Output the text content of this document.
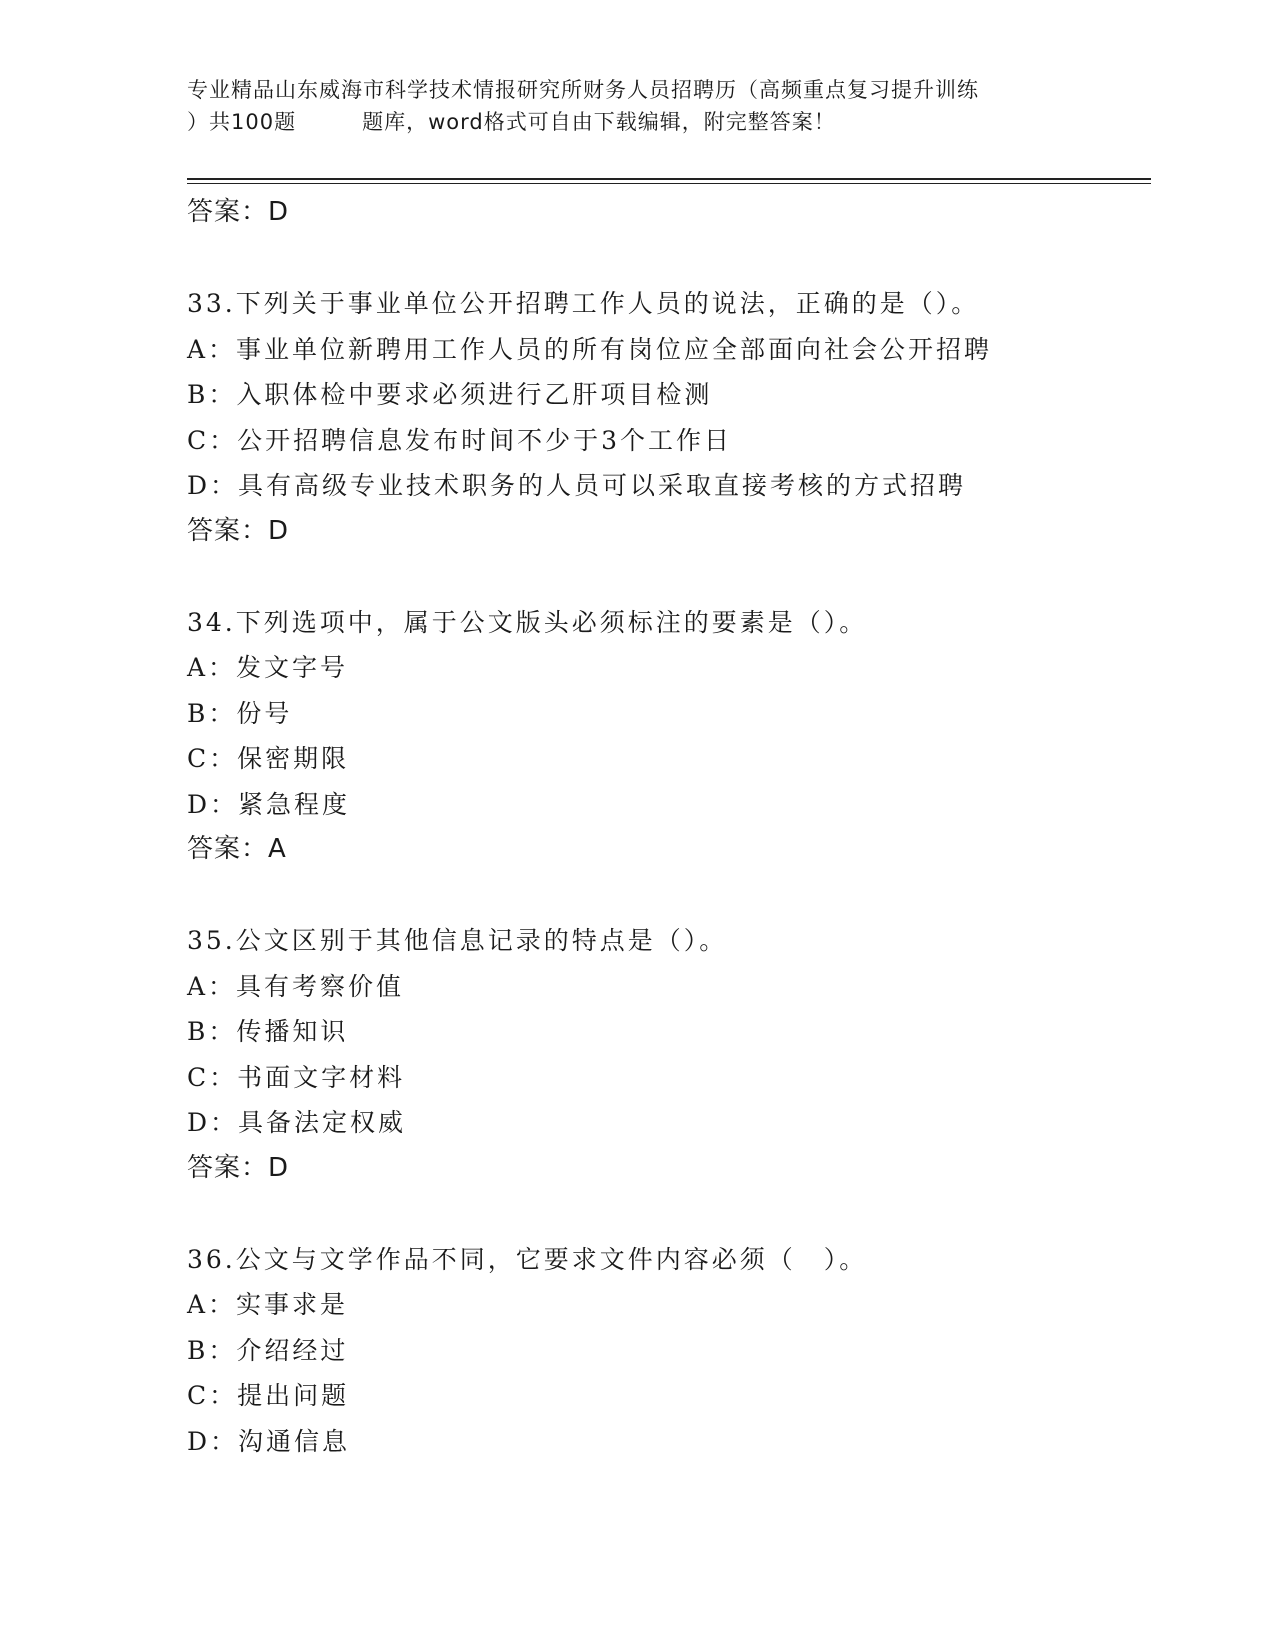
专业精品山东威海市科学技术情报研究所财务人员招聘历（高频重点复习提升训练
）共100题　　　题库，word格式可自由下载编辑，附完整答案！
答案：D
33.下列关于事业单位公开招聘工作人员的说法，正确的是（）。
A：事业单位新聘用工作人员的所有岗位应全部面向社会公开招聘
B：入职体检中要求必须进行乙肝项目检测
C：公开招聘信息发布时间不少于3个工作日
D：具有高级专业技术职务的人员可以采取直接考核的方式招聘
答案：D
34.下列选项中，属于公文版头必须标注的要素是（）。
A：发文字号
B：份号
C：保密期限
D：紧急程度
答案：A
35.公文区别于其他信息记录的特点是（）。
A：具有考察价值
B：传播知识
C：书面文字材料
D：具备法定权威
答案：D
36.公文与文学作品不同，它要求文件内容必须（　）。
A：实事求是
B：介绍经过
C：提出问题
D：沟通信息
